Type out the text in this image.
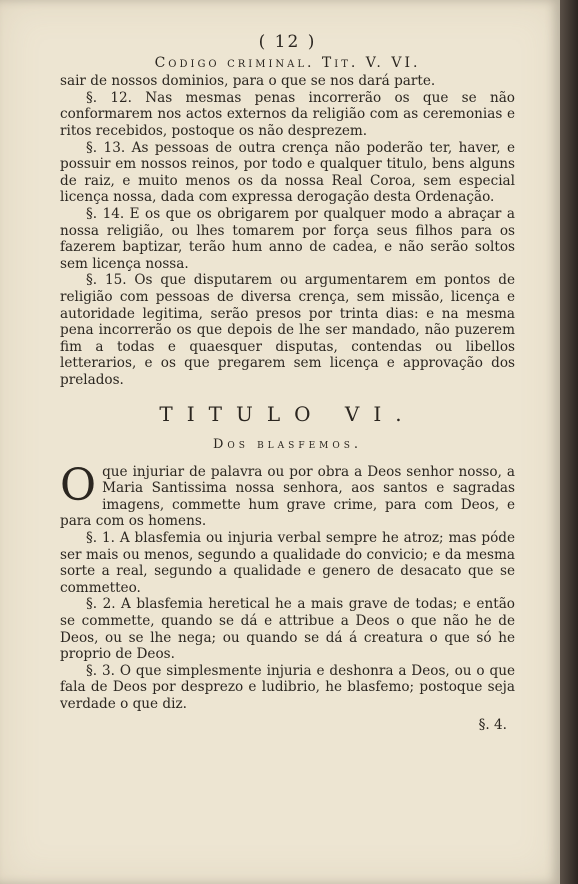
( 12 )
Codigo criminal. Tit. V. VI.
sair de nossos dominios, para o que se nos dará parte.
§. 12. Nas mesmas penas incorrerão os que se não conformarem nos actos externos da religião com as ceremonias e ritos recebidos, postoque os não desprezem.
§. 13. As pessoas de outra crença não poderão ter, haver, e possuir em nossos reinos, por todo e qualquer titulo, bens alguns de raiz, e muito menos os da nossa Real Coroa, sem especial licença nossa, dada com expressa derogação desta Ordenação.
§. 14. E os que os obrigarem por qualquer modo a abraçar a nossa religião, ou lhes tomarem por força seus filhos para os fazerem baptizar, terão hum anno de cadea, e não serão soltos sem licença nossa.
§. 15. Os que disputarem ou argumentarem em pontos de religião com pessoas de diversa crença, sem missão, licença e autoridade legitima, serão presos por trinta dias: e na mesma pena incorrerão os que depois de lhe ser mandado, não puzerem fim a todas e quaesquer disputas, contendas ou libellos letterarios, e os que pregarem sem licença e approvação dos prelados.
TITULO VI.
Dos blasfemos.
Oque injuriar de palavra ou por obra a Deos senhor nosso, a Maria Santissima nossa senhora, aos santos e sagradas imagens, commette hum grave crime, para com Deos, e para com os homens.
§. 1. A blasfemia ou injuria verbal sempre he atroz; mas póde ser mais ou menos, segundo a qualidade do convicio; e da mesma sorte a real, segundo a qualidade e genero de desacato que se commetteo.
§. 2. A blasfemia heretical he a mais grave de todas; e então se commette, quando se dá e attribue a Deos o que não he de Deos, ou se lhe nega; ou quando se dá á creatura o que só he proprio de Deos.
§. 3. O que simplesmente injuria e deshonra a Deos, ou o que fala de Deos por desprezo e ludibrio, he blasfemo; postoque seja verdade o que diz.
§. 4.
